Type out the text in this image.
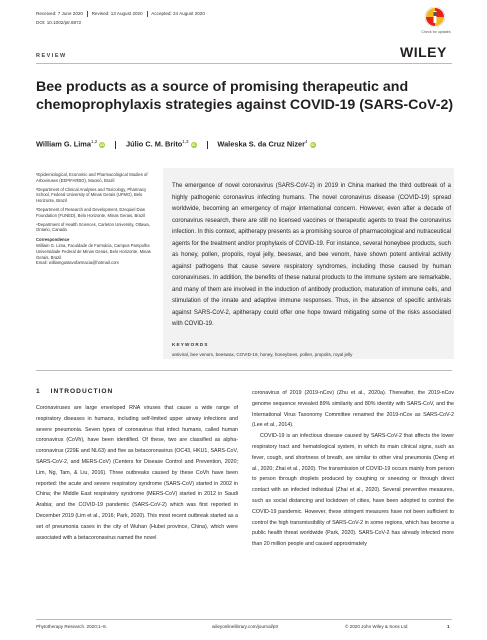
Received: 7 June 2020 Revised: 13 August 2020 Accepted: 24 August 2020
DOI: 10.1002/ptr.6872
Check for updates
WILEY
REVIEW
Bee products as a source of promising therapeutic and chemoprophylaxis strategies against COVID-19 (SARS-CoV-2)
William G. Lima$^{1,2}$iD	Júlio C. M. Brito$^{1,3}$iD	Waleska S. da Cruz Nizer$^4$iD

¹Epidemiological, Economic and Pharmacological Studies of Arboviruses (EEPIFARBO), Maceió, Brazil

²Department of Clinical Analyses and Toxicology, Pharmacy School, Federal University of Minas Gerais (UFMG), Belo Horizonte, Brazil

³Department of Research and Development, Ezequiel Dias Foundation (FUNED), Belo Horizonte, Minas Gerais, Brazil

⁴Department of Health Sciences, Carleton University, Ottawa, Ontario, Canada

Correspondence

William G. Lima, Faculdade de Farmácia, Campus Pampulha Universidade Federal de Minas Gerais, Belo Horizonte, Minas Gerais, Brazil.

Email: williamgustavofarmacia@hotmail.com

The emergence of novel coronavirus (SARS-CoV-2) in 2019 in China marked the third outbreak of a highly pathogenic coronavirus infecting humans. The novel coronavirus disease (COVID-19) spread worldwide, becoming an emergency of major international concern. However, even after a decade of coronavirus research, there are still no licensed vaccines or therapeutic agents to treat the coronavirus infection. In this context, apitherapy presents as a promising source of pharmacological and nutraceutical agents for the treatment and/or prophylaxis of COVID-19. For instance, several honeybee products, such as honey, pollen, propolis, royal jelly, beeswax, and bee venom, have shown potent antiviral activity against pathogens that cause severe respiratory syndromes, including those caused by human coronaviruses. In addition, the benefits of these natural products to the immune system are remarkable, and many of them are involved in the induction of antibody production, maturation of immune cells, and stimulation of the innate and adaptive immune responses. Thus, in the absence of specific antivirals against SARS-CoV-2, apitherapy could offer one hope toward mitigating some of the risks associated with COVID-19.
KEYWORDS
antiviral, bee venom, beeswax, COVID-19, honey, honeybees, pollen, propolis, royal jelly
1 INTRODUCTION

Coronaviruses are large enveloped RNA viruses that cause a wide range of respiratory diseases in humans, including self-limited upper airway infections and severe pneumonia. Seven types of coronavirus that infect humans, called human coronavirus (CoVh), have been identified. Of these, two are classified as alpha-coronavirus (229E and NL63) and five as betacoronavirus (OC43, HKU1, SARS-CoV, SARS-CoV-2, and MERS-CoV) (Centers for Disease Control and Prevention, 2020; Lim, Ng, Tam, & Liu, 2016). Three outbreaks caused by these CoVh have been reported: the acute and severe respiratory syndrome (SARS-CoV) started in 2002 in China; the Middle East respiratory syndrome (MERS-CoV) started in 2012 in Saudi Arabia; and the COVID-19 pandemic (SARS-CoV-2) which was first reported in December 2019 (Lim et al., 2016; Park, 2020). This most recent outbreak started as a set of pneumonia cases in the city of Wuhan (Hubei province, China), which were associated with a betacoronavirus named the novel

coronavirus of 2019 (2019-nCov) (Zhu et al., 2020a). Thereafter, the 2019-nCov genome sequence revealed 89% similarity and 80% identity with SARS-CoV, and the International Virus Taxonomy Committee renamed the 2019-nCov as SARS-CoV-2 (Lee et al., 2014).

COVID-19 is an infectious disease caused by SARS-CoV-2 that affects the lower respiratory tract and hematological system, in which its main clinical signs, such as fever, cough, and shortness of breath, are similar to other viral pneumonia (Deng et al., 2020; Zhai et al., 2020). The transmission of COVID-19 occurs mainly from person to person through droplets produced by coughing or sneezing or through direct contact with an infected individual (Zhai et al., 2020). Several preventive measures, such as social distancing and lockdown of cities, have been adopted to control the COVID-19 pandemic. However, these stringent measures have not been sufficient to control the high transmissibility of SARS-CoV-2 in some regions, which has become a public health threat worldwide (Park, 2020). SARS-CoV-2 has already infected more than 20 million people and caused approximately

Phytotherapy Research. 2020;1–8.	wileyonlinelibrary.com/journal/ptr	© 2020 John Wiley & Sons Ltd	1
